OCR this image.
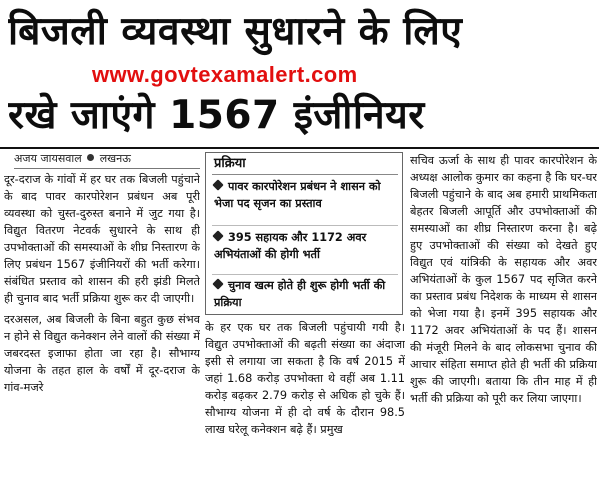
बिजली व्यवस्था सुधारने के लिए
www.govtexamalert.com
रखे जाएंगे 1567 इंजीनियर
अजय जायसवाल लखनऊ

दूर-दराज के गांवों में हर घर तक बिजली पहुंचाने के बाद पावर कारपोरेशन प्रबंधन अब पूरी व्यवस्था को चुस्त-दुरुस्त बनाने में जुट गया है। विद्युत वितरण नेटवर्क सुधारने के साथ ही उपभोक्ताओं की समस्याओं के शीघ्र निस्तारण के लिए प्रबंधन 1567 इंजीनियरों की भर्ती करेगा। संबंधित प्रस्ताव को शासन की हरी झंडी मिलते ही चुनाव बाद भर्ती प्रक्रिया शुरू कर दी जाएगी।

दरअसल, अब बिजली के बिना बहुत कुछ संभव न होने से विद्युत कनेक्शन लेने वालों की संख्या में जबरदस्त इजाफा होता जा रहा है। सौभाग्य योजना के तहत हाल के वर्षों में दूर-दराज के गांव-मजरे

प्रक्रिया
पावर कारपोरेशन प्रबंधन ने शासन को भेजा पद सृजन का प्रस्ताव
395 सहायक और 1172 अवर अभियंताओं की होगी भर्ती
चुनाव खत्म होते ही शुरू होगी भर्ती की प्रक्रिया

के हर एक घर तक बिजली पहुंचायी गयी है। विद्युत उपभोक्ताओं की बढ़ती संख्या का अंदाजा इसी से लगाया जा सकता है कि वर्ष 2015 में जहां 1.68 करोड़ उपभोक्ता थे वहीं अब 1.11 करोड़ बढ़कर 2.79 करोड़ से अधिक हो चुके हैं। सौभाग्य योजना में ही दो वर्ष के दौरान 98.5 लाख घरेलू कनेक्शन बढ़े हैं। प्रमुख

सचिव ऊर्जा के साथ ही पावर कारपोरेशन के अध्यक्ष आलोक कुमार का कहना है कि घर-घर बिजली पहुंचाने के बाद अब हमारी प्राथमिकता बेहतर बिजली आपूर्ति और उपभोक्ताओं की समस्याओं का शीघ्र निस्तारण करना है। बढ़े हुए उपभोक्ताओं की संख्या को देखते हुए विद्युत एवं यांत्रिकी के सहायक और अवर अभियंताओं के कुल 1567 पद सृजित करने का प्रस्ताव प्रबंध निदेशक के माध्यम से शासन को भेजा गया है। इनमें 395 सहायक और 1172 अवर अभियंताओं के पद हैं। शासन की मंजूरी मिलने के बाद लोकसभा चुनाव की आचार संहिता समाप्त होते ही भर्ती की प्रक्रिया शुरू की जाएगी। बताया कि तीन माह में ही भर्ती की प्रक्रिया को पूरी कर लिया जाएगा।
